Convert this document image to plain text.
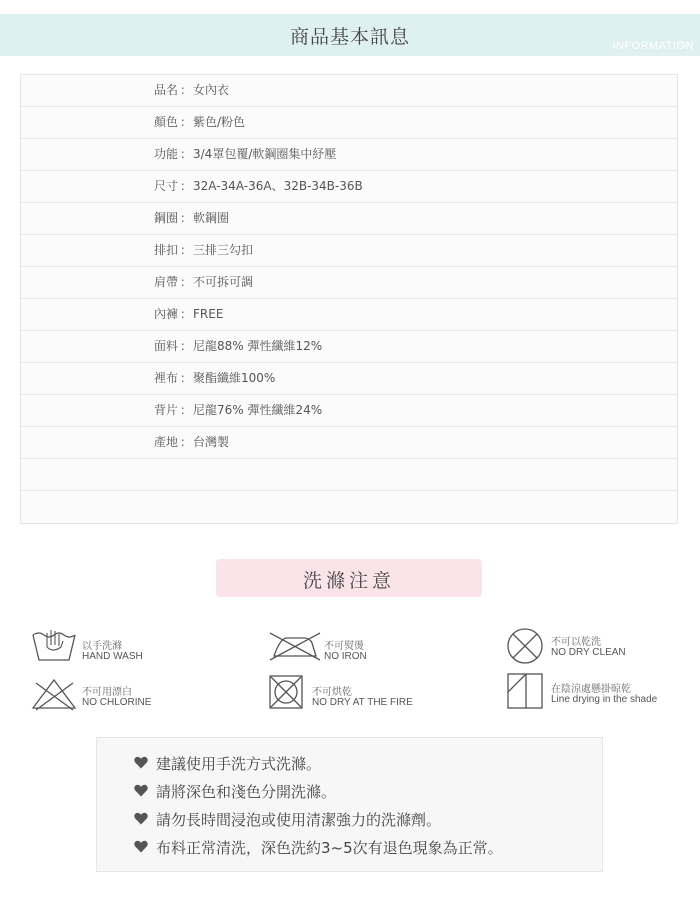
商品基本訊息	INFORMATION
品名 ： 女內衣
顏色 ： 紫色/粉色
功能 ： 3/4罩包覆/軟鋼圈集中紓壓
尺寸 ： 32A-34A-36A、32B-34B-36B
鋼圈 ： 軟鋼圈
排扣 ： 三排三勾扣
肩帶 ： 不可拆可調
內褲 ： FREE
面料 ： 尼龍88% 彈性纖維12%
裡布 ： 聚酯纖維100%
背片 ： 尼龍76% 彈性纖維24%
產地 ： 台灣製
洗滌注意
以手洗滌
HAND WASH
不可熨燙
NO IRON
不可以乾洗
NO DRY CLEAN
不可用漂白
NO CHLORINE
不可烘乾
NO DRY AT THE FIRE
在陰涼處懸掛晾乾
Line drying in the shade
建議使用手洗方式洗滌。
請將深色和淺色分開洗滌。
請勿長時間浸泡或使用清潔強力的洗滌劑。
布料正常清洗，深色洗約3~5次有退色現象為正常。
